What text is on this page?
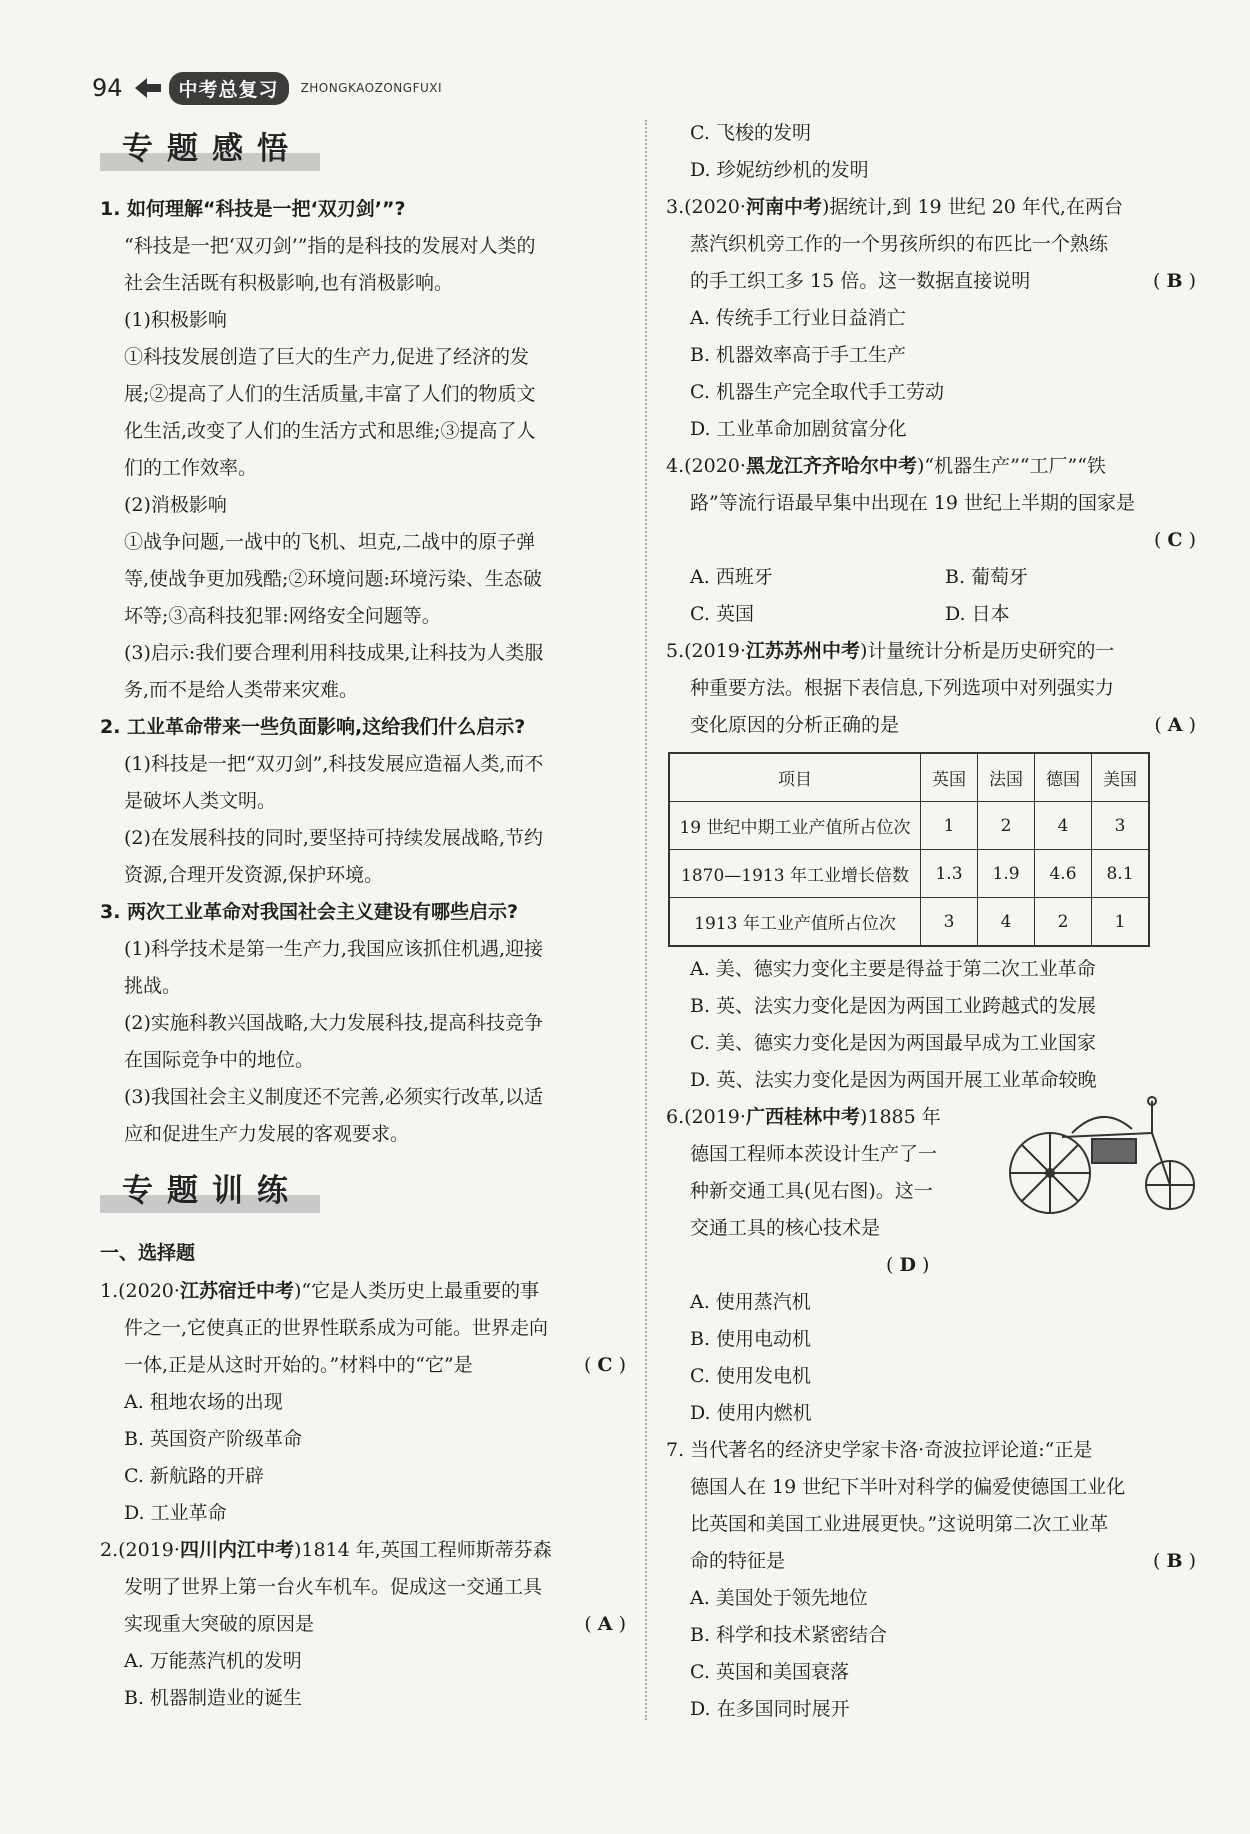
94	中考总复习	ZHONGKAOZONGFUXI
专题感悟
1. 如何理解“科技是一把‘双刃剑’”?
“科技是一把‘双刃剑’”指的是科技的发展对人类的
社会生活既有积极影响,也有消极影响。
(1)积极影响
①科技发展创造了巨大的生产力,促进了经济的发
展;②提高了人们的生活质量,丰富了人们的物质文
化生活,改变了人们的生活方式和思维;③提高了人
们的工作效率。
(2)消极影响
①战争问题,一战中的飞机、坦克,二战中的原子弹
等,使战争更加残酷;②环境问题:环境污染、生态破
坏等;③高科技犯罪:网络安全问题等。
(3)启示:我们要合理利用科技成果,让科技为人类服
务,而不是给人类带来灾难。
2. 工业革命带来一些负面影响,这给我们什么启示?
(1)科技是一把“双刃剑”,科技发展应造福人类,而不
是破坏人类文明。
(2)在发展科技的同时,要坚持可持续发展战略,节约
资源,合理开发资源,保护环境。
3. 两次工业革命对我国社会主义建设有哪些启示?
(1)科学技术是第一生产力,我国应该抓住机遇,迎接
挑战。
(2)实施科教兴国战略,大力发展科技,提高科技竞争
在国际竞争中的地位。
(3)我国社会主义制度还不完善,必须实行改革,以适
应和促进生产力发展的客观要求。
专题训练
一、选择题
1.(2020·江苏宿迁中考)“它是人类历史上最重要的事
件之一,它使真正的世界性联系成为可能。世界走向
一体,正是从这时开始的。”材料中的“它”是	( C )
A. 租地农场的出现
B. 英国资产阶级革命
C. 新航路的开辟
D. 工业革命
2.(2019·四川内江中考)1814 年,英国工程师斯蒂芬森
发明了世界上第一台火车机车。促成这一交通工具
实现重大突破的原因是	( A )
A. 万能蒸汽机的发明
B. 机器制造业的诞生
C. 飞梭的发明
D. 珍妮纺纱机的发明
3.(2020·河南中考)据统计,到 19 世纪 20 年代,在两台
蒸汽织机旁工作的一个男孩所织的布匹比一个熟练
的手工织工多 15 倍。这一数据直接说明	( B )
A. 传统手工行业日益消亡
B. 机器效率高于手工生产
C. 机器生产完全取代手工劳动
D. 工业革命加剧贫富分化
4.(2020·黑龙江齐齐哈尔中考)“机器生产”“工厂”“铁
路”等流行语最早集中出现在 19 世纪上半期的国家是

( C )
A. 西班牙	B. 葡萄牙
C. 英国	D. 日本
5.(2019·江苏苏州中考)计量统计分析是历史研究的一
种重要方法。根据下表信息,下列选项中对列强实力
变化原因的分析正确的是	( A )
项目	英国	法国	德国	美国
19 世纪中期工业产值所占位次	1	2	4	3
1870—1913 年工业增长倍数	1.3	1.9	4.6	8.1
1913 年工业产值所占位次	3	4	2	1
A. 美、德实力变化主要是得益于第二次工业革命
B. 英、法实力变化是因为两国工业跨越式的发展
C. 美、德实力变化是因为两国最早成为工业国家
D. 英、法实力变化是因为两国开展工业革命较晚
6.(2019·广西桂林中考)1885 年
德国工程师本茨设计生产了一
种新交通工具(见右图)。这一
交通工具的核心技术是
( D )
A. 使用蒸汽机
B. 使用电动机
C. 使用发电机
D. 使用内燃机
7. 当代著名的经济史学家卡洛·奇波拉评论道:“正是
德国人在 19 世纪下半叶对科学的偏爱使德国工业化
比英国和美国工业进展更快。”这说明第二次工业革
命的特征是	( B )
A. 美国处于领先地位
B. 科学和技术紧密结合
C. 英国和美国衰落
D. 在多国同时展开
